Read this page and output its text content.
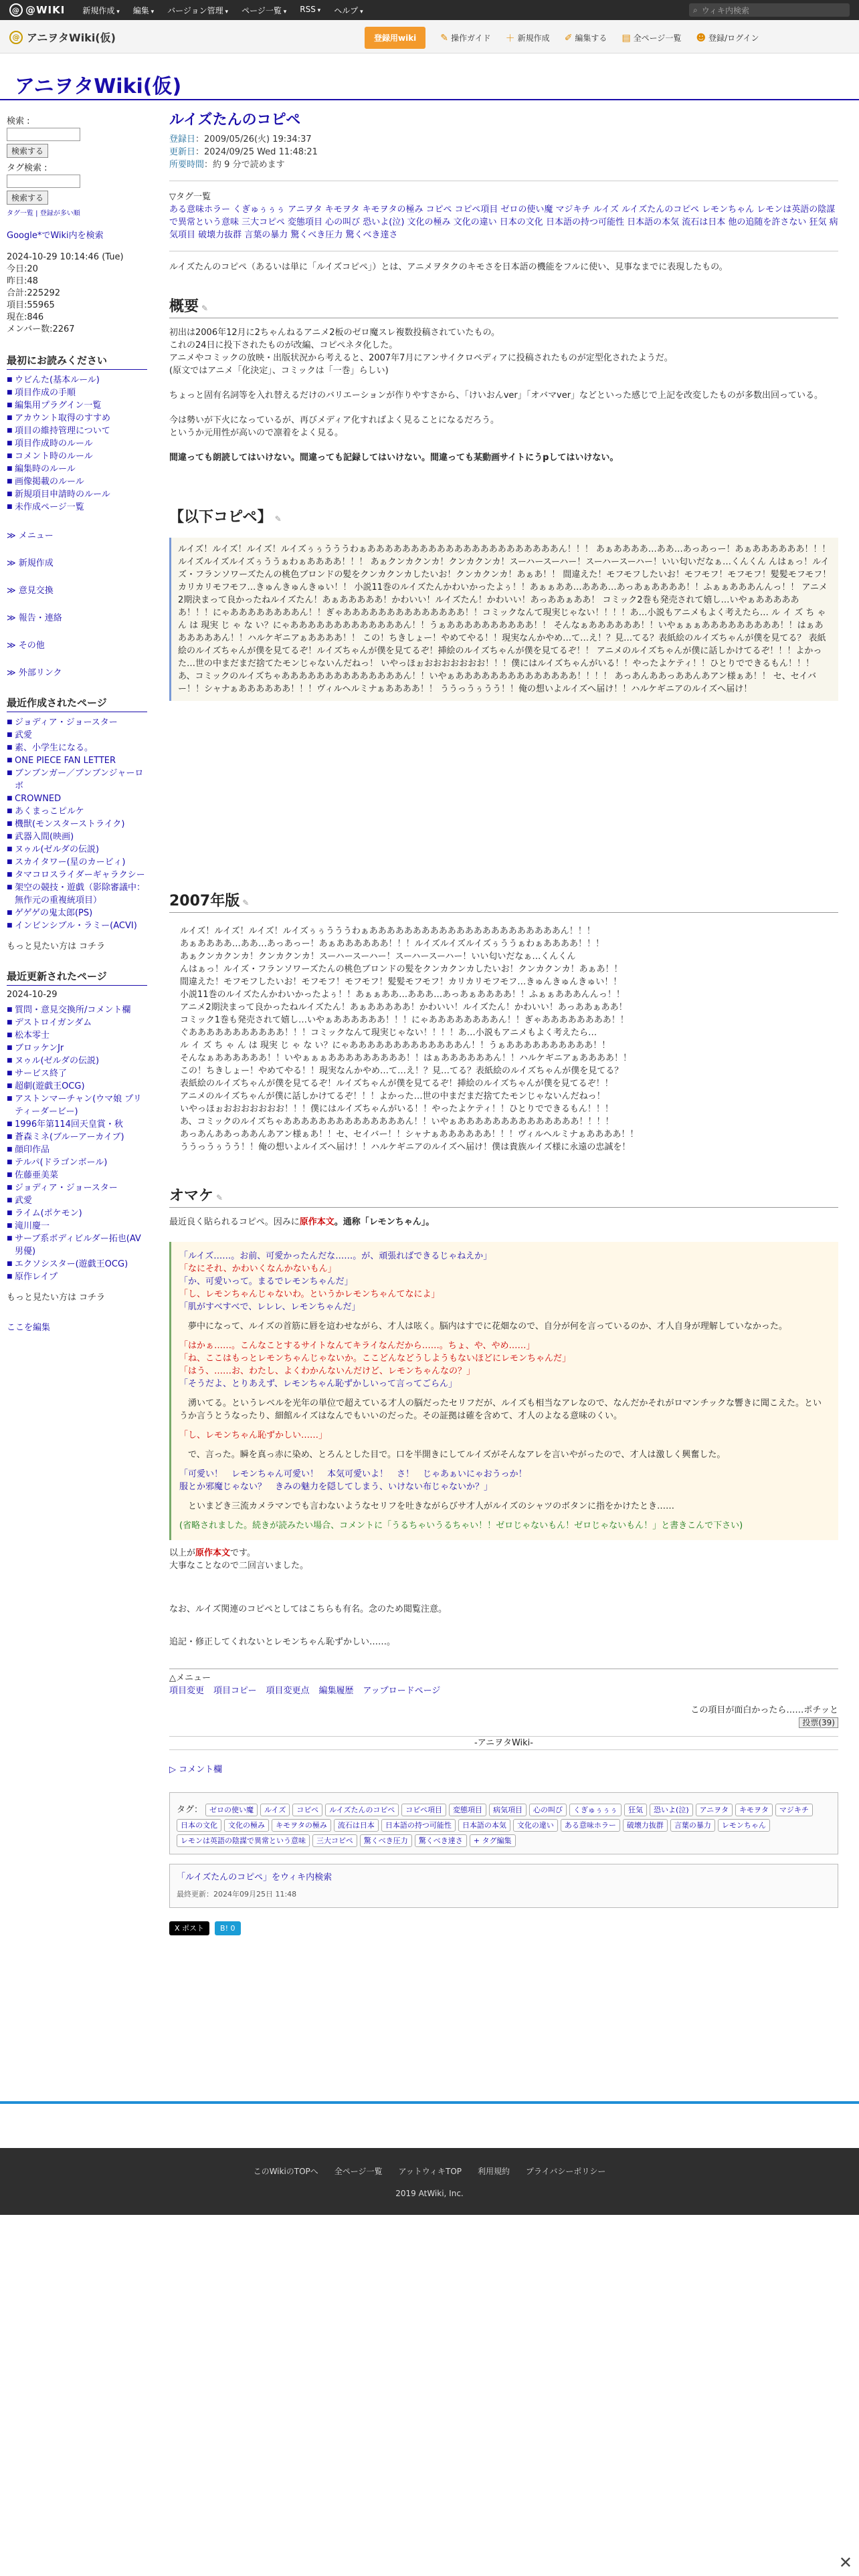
@ @WIKI 新規作成 ▾	編集 ▾	バージョン管理 ▾	ページ一覧 ▾	RSS ▾	ヘルプ ▾	⌕ ウィキ内検索
@ アニヲタWiki(仮)	登録用wiki	✎ 操作ガイド ＋ 新規作成 ✐ 編集する ▤ 全ページ一覧 ☻ 登録/ログイン
アニヲタWiki(仮)
検索 :
検索する
タグ検索 :
検索する
タグ一覧 | 登録が多い順
Google*でWiki内を検索
2024-10-29 10:14:46 (Tue)
今日:20
昨日:48
合計:225292
項目:55965
現在:846
メンバー数:2267
最初にお読みください
■ ウビんた(基本ルール)
■ 項目作成の手順
■ 編集用プラグイン一覧
■ アカウント取得のすすめ
■ 項目の維持管理について
■ 項目作成時のルール
■ コメント時のルール
■ 編集時のルール
■ 画像掲載のルール
■ 新規項目申請時のルール
■ 未作成ページ一覧
≫ メニュー
≫ 新規作成
≫ 意見交換
≫ 報告・連絡
≫ その他
≫ 外部リンク
最近作成されたページ
■ ジョディア・ジョースター
■ 武愛
■ 素、小学生になる。
■ ONE PIECE FAN LETTER
■ ブンブンガー／ブンブンジャーロボ
■ CROWNED
■ あくまっこピルケ
■ 機獣(モンスターストライク)
■ 武器入間(映画)
■ ヌゥル(ゼルダの伝説)
■ スカイタワー(星のカービィ)
■ タマコロスライダーギャラクシー
■ 架空の競技・遊戯（影除審議中：無作元の重複統項目）
■ ゲゲゲの鬼太郎(PS)
■ インビンシブル・ラミー(ACVI)
もっと見たい方は コチラ
最近更新されたページ
2024-10-29
■ 質問・意見交換所/コメント欄
■ デストロイガンダム
■ 松本零士
■ ブロッケンJr
■ ヌゥル(ゼルダの伝説)
■ サービス終了
■ 超劇(遊戯王OCG)
■ アストンマーチャン(ウマ娘 プリティーダービー)
■ 1996年第114回天皇賞・秋
■ 蒼森ミネ(ブルーアーカイブ)
■ 顔印作品
■ テルパ(ドラゴンボール)
■ 佐藤亜美菜
■ ジョディア・ジョースター
■ 武愛
■ ライム(ポケモン)
■ 滝川慶一
■ サーブ系ボディビルダー拓也(AV男優)
■ エクソシスター(遊戯王OCG)
■ 原作レイプ
もっと見たい方は コチラ
ここを編集
ルイズたんのコピペ
登録日：2009/05/26(火) 19:34:37
更新日：2024/09/25 Wed 11:48:21
所要時間：約 9 分で読めます
▽タグ一覧
ある意味ホラー くぎゅぅぅぅ アニヲタ キモヲタ キモヲタの極み コピペ コピペ項目 ゼロの使い魔 マジキチ ルイズ ルイズたんのコピペ レモンちゃん レモンは英語の陰謀で異常という意味 三大コピペ 変態項目 心の叫び 恐いよ(泣) 文化の極み 文化の違い 日本の文化 日本語の持つ可能性 日本語の本気 流石は日本 他の追随を許さない 狂気 病気項目 破壊力抜群 言葉の暴力 驚くべき圧力 驚くべき達さ

ルイズたんのコピペ（あるいは単に「ルイズコピペ」）とは、アニメヲタクのキモさを日本語の機能をフルに使い、見事なまでに表現したもの。

概要 ✎

初出は2006年12月に2ちゃんねるアニメ2板のゼロ魔スレ複数投稿されていたもの。

これの24日に投下されたものが改編、コピペネタ化した。

アニメやコミックの放映・出版状況から考えると、2007年7月にアンサイクロペディアに投稿されたものが定型化されたようだ。

(原文ではアニメ「化決定」、コミックは「一巻」らしい)

ちょっと固有名詞等を入れ替えるだけのバリエーションが作りやすさから、「けいおんver」「オバマver」などといった感じで上記を改変したものが多数出回っている。

今は勢いが下火になっているが、再びメディア化すればよく見ることになるだろう。

というか元用性が高いので凛着をよく見る。

間違っても朗読してはいけない。間違っても記録してはいけない。間違っても某動画サイトにうpしてはいけない。

【以下コピペ】 ✎
ルイズ！ルイズ！ルイズ！ルイズぅぅうううわぁああああああああああああああああああああああん！！！ あぁああああ…ああ…あっあっー！あぁああああああ！！！ルイズルイズルイズぅううぁわぁああああ！！！ あぁクンカクンカ！クンカクンカ！スーハースーハー！スーハースーハー！いい匂いだなぁ…くんくん んはぁっ！ルイズ・フランソワーズたんの桃色ブロンドの髪をクンカクンカしたいお！クンカクンカ！あぁあ！！ 間違えた！モフモフしたいお！モフモフ！モフモフ！髪髪モフモフ！カリカリモフモフ…きゅんきゅんきゅい！！ 小説11巻のルイズたんかわいかったよぅ！！あぁぁああ…あああ…あっあぁああああ！！ふぁぁあああんんっ！！ アニメ2期決まって良かったねルイズたん！あぁあああああ！かわいい！ルイズたん！かわいい！あっああぁああ！ コミック2巻も発売されて嬉し…いやぁああああああ！！！にゃああああああああん！！ぎゃああああああああああああああ！！コミックなんて現実じゃない！！！！あ…小説もアニメもよく考えたら… ル イ ズ ち ゃ ん は 現実 じ ゃ な い？にゃあああああああああああああん！！うぁああああああああああ！！ そんなぁああああああ！！いやぁぁぁあああああああああ！！はぁああああああん！！ハルケギニアぁああああ！！ この！ちきしょー！やめてやる！！現実なんかやめ…て…え！？見…てる？表紙絵のルイズちゃんが僕を見てる？ 表紙絵のルイズちゃんが僕を見てるぞ！ルイズちゃんが僕を見てるぞ！挿絵のルイズちゃんが僕を見てるぞ！！ アニメのルイズちゃんが僕に話しかけてるぞ！！！よかった…世の中まだまだ捨てたモンじゃないんだねっ！ いやっほぉおおおおおおお！！！僕にはルイズちゃんがいる！！やったよケティ！！ひとりでできるもん！！！ あ、コミックのルイズちゃああああああああああああああん！！いやぁああああああああああああああ！！！！ あっあんああっああんあアン様ぁあ！！ セ、セイバー！！シャナぁああああああ！！！ヴィルヘルミナぁああああ！！ ううっうぅうう！！俺の想いよルイズへ届け！！ハルケギニアのルイズへ届け！
2007年版 ✎

ルイズ！ルイズ！ルイズ！ルイズぅぅうううわぁああああああああああああああああああああああん！！！

あぁああああ…ああ…あっあっー！あぁああああああ！！！ルイズルイズルイズぅううぁわぁああああ！！！

あぁクンカクンカ！クンカクンカ！スーハースーハー！スーハースーハー！いい匂いだなぁ…くんくん

んはぁっ！ルイズ・フランソワーズたんの桃色ブロンドの髪をクンカクンカしたいお！クンカクンカ！あぁあ！！

間違えた！モフモフしたいお！モフモフ！モフモフ！髪髪モフモフ！カリカリモフモフ…きゅんきゅんきゅい！！

小説11巻のルイズたんかわいかったよぅ！！あぁぁああ…あああ…あっあぁああああ！！ふぁぁあああんんっ！！

アニメ2期決まって良かったねルイズたん！あぁあああああ！かわいい！ルイズたん！かわいい！あっああぁああ！

コミック1巻も発売されて嬉し…いやぁああああああ！！！にゃああああああああん！！ぎゃああああああああ！！

ぐあああああああああああ！！！コミックなんて現実じゃない！！！！あ…小説もアニメもよく考えたら…

ル イ ズ ち ゃ ん は 現実 じ ゃ な い？にゃあああああああああああああん！！うぁああああああああああ！！

そんなぁああああああ！！いやぁぁぁあああああああああ！！はぁああああああん！！ハルケギニアぁああああ！！

この！ちきしょー！やめてやる！！現実なんかやめ…て…え！？見…てる？表紙絵のルイズちゃんが僕を見てる？

表紙絵のルイズちゃんが僕を見てるぞ！ルイズちゃんが僕を見てるぞ！挿絵のルイズちゃんが僕を見てるぞ！！

アニメのルイズちゃんが僕に話しかけてるぞ！！！よかった…世の中まだまだ捨てたモンじゃないんだねっ！

いやっほぉおおおおおおお！！！僕にはルイズちゃんがいる！！やったよケティ！！ひとりでできるもん！！！

あ、コミックのルイズちゃああああああああああああああん！！いやぁああああああああああああああ！！！！

あっあんああっああんあアン様ぁあ！！セ、セイバー！！シャナぁああああああ！！！ヴィルヘルミナぁああああ！！

ううっうぅうう！！俺の想いよルイズへ届け！！ハルケギニアのルイズへ届け！僕は貴族ルイズ様に永遠の忠誠を！

オマケ ✎

最近良く貼られるコピペ。因みに原作本文。通称「レモンちゃん」。

「ルイズ……。お前、可愛かったんだな……。が、頑張ればできるじゃねえか」

「なにそれ、かわいくなんかないもん」

「か、可愛いって。まるでレモンちゃんだ」

「し、レモンちゃんじゃないわ。というかレモンちゃんてなによ」

「肌がすべすべで、レレレ、レモンちゃんだ」

　夢中になって、ルイズの首筋に唇を這わせながら、才人は呟く。脳内はすでに花畑なので、自分が何を言っているのか、才人自身が理解していなかった。

「はかぁ……。こんなことするサイトなんてキライなんだから……。ちょ、や、やめ……」

「ね、ここはもっとレモンちゃんじゃないか。ここどんなどうしようもないほどにレモンちゃんだ」

「はう、……お、わたし、よくわかんないんだけど、レモンちゃんなの？」

「そうだよ、とりあえず、レモンちゃん恥ずかしいって言ってごらん」

　湧いてる。というレベルを光年の単位で超えている才人の脳だったセリフだが、ルイズも相当なアレなので、なんだかそれがロマンチックな響きに聞こえた。というか言うとうなったり、細館ルイズはなんでもいいのだった。その証拠は確を含めて、才人のよなる意味のくい。

「し、レモンちゃん恥ずかしい……」

　で、言った。瞬を真っ赤に染め、とろんとした目で。口を半開きにしてルイズがそんなアレを言いやがったので、才人は激しく興奮した。

「可愛い！　レモンちゃん可愛い！　本気可愛いよ！　さ！　じゃあぁいにゃおうっか！

服とか邪魔じゃない？　きみの魅力を隠してしまう、いけない布じゃないか？」

　といまどき三流カメラマンでも言わないようなセリフを吐きながらびサ才人がルイズのシャツのボタンに指をかけたとき……

(省略されました。続きが読みたい場合、コメントに「うるちゃいうるちゃい！！ゼロじゃないもん！ゼロじゃないもん！」と書きこんで下さい)

以上が原作本文です。

大事なことなので二回言いました。

なお、ルイズ関連のコピペとしてはこちらも有名。念のため閲覧注意。

追記・修正してくれないとレモンちゃん恥ずかしい……。

△メニュー
項目変更 項目コピー 項目変更点 編集履歴 アップロードページ
この項目が面白かったら……ポチッと
投票(39)
-アニヲタWiki-
▷ コメント欄
タグ： ゼロの使い魔	ルイズ	コピペ	ルイズたんのコピペ	コピペ項目	変態項目	病気項目	心の叫び	くぎゅぅぅぅ	狂気	恐いよ(泣)	アニヲタ	キモヲタ	マジキチ
日本の文化	文化の極み	キモヲタの極み	流石は日本	日本語の持つ可能性	日本語の本気	文化の違い	ある意味ホラー	破壊力抜群	言葉の暴力	レモンちゃん
レモンは英語の陰謀で異常という意味	三大コピペ	驚くべき圧力	驚くべき達さ	+ タグ編集
「ルイズたんのコピペ」をウィキ内検索
最終更新：2024年09月25日 11:48
X ポスト	B! 0
このWikiのTOPへ 全ページ一覧 アットウィキTOP 利用規約 プライバシーポリシー
2019 AtWiki, Inc.
✕
